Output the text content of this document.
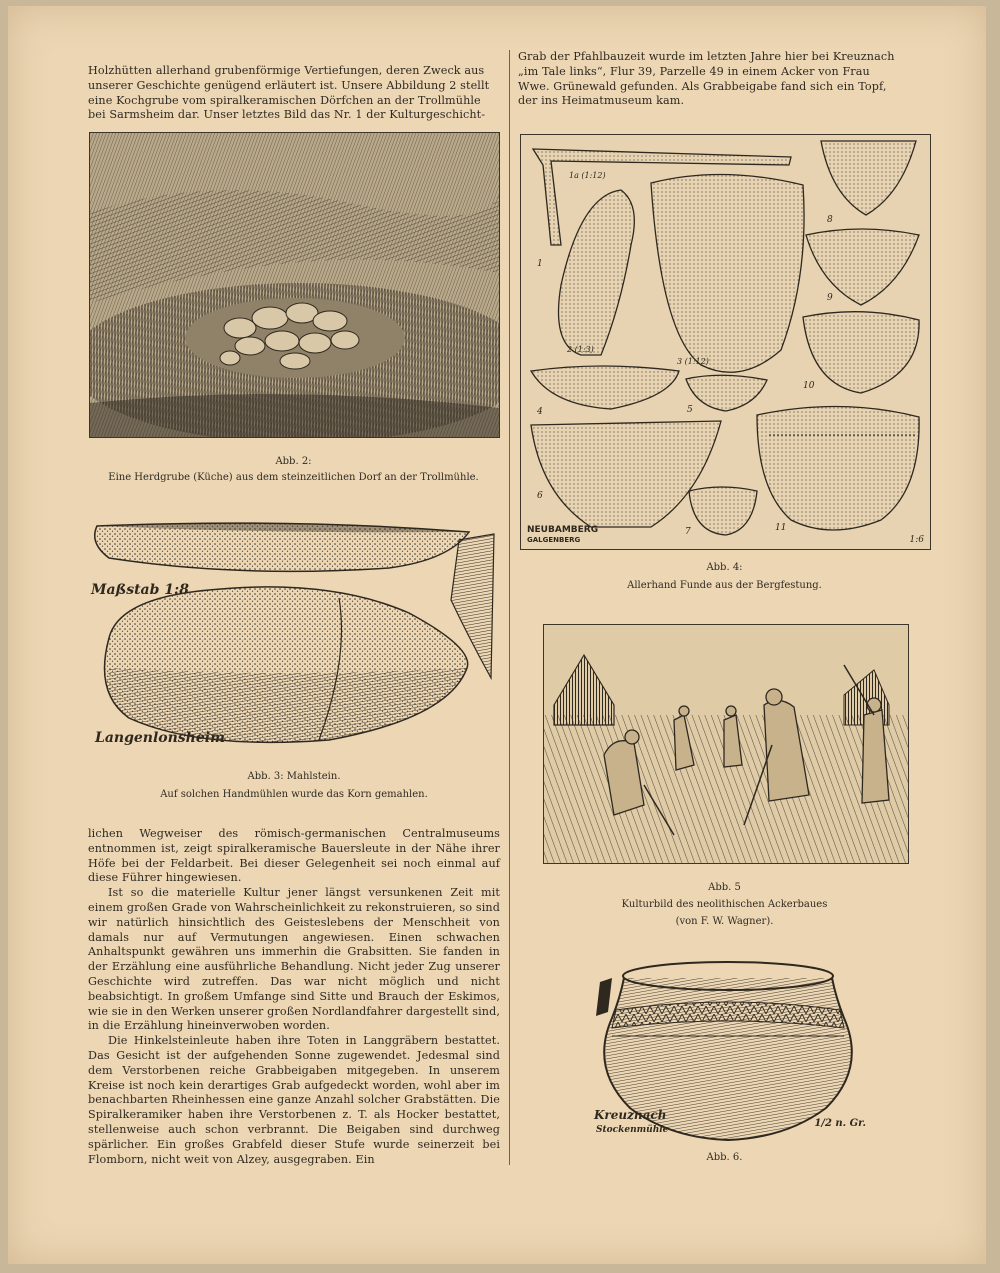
Holzhütten allerhand grubenförmige Vertiefungen, deren Zweck aus

unserer Geschichte genügend erläutert ist. Unsere Abbildung 2 stellt

eine Kochgrube vom spiralkeramischen Dörfchen an der Trollmühle

bei Sarmsheim dar. Unser letztes Bild das Nr. 1 der Kulturgeschicht-

Abb. 2:
Eine Herdgrube (Küche) aus dem steinzeitlichen Dorf an der Trollmühle.
Maßstab 1:8
Langenlonsheim
Abb. 3: Mahlstein.
Auf solchen Handmühlen wurde das Korn gemahlen.

lichen Wegweiser des römisch-germanischen Centralmuseums entnommen ist, zeigt spiralkeramische Bauersleute in der Nähe ihrer Höfe bei der Feldarbeit. Bei dieser Gelegenheit sei noch einmal auf diese Führer hingewiesen.

Ist so die materielle Kultur jener längst versunkenen Zeit mit einem großen Grade von Wahrscheinlichkeit zu rekonstruieren, so sind wir natürlich hinsichtlich des Geisteslebens der Menschheit von damals nur auf Vermutungen angewiesen. Einen schwachen Anhaltspunkt gewähren uns immerhin die Grabsitten. Sie fanden in der Erzählung eine ausführliche Behandlung. Nicht jeder Zug unserer Geschichte wird zutreffen. Das war nicht möglich und nicht beabsichtigt. In großem Umfange sind Sitte und Brauch der Eskimos, wie sie in den Werken unserer großen Nordlandfahrer dargestellt sind, in die Erzählung hineinverwoben worden.

Die Hinkelsteinleute haben ihre Toten in Langgräbern bestattet. Das Gesicht ist der aufgehenden Sonne zugewendet. Jedesmal sind dem Verstorbenen reiche Grabbeigaben mitgegeben. In unserem Kreise ist noch kein derartiges Grab aufgedeckt worden, wohl aber im benachbarten Rheinhessen eine ganze Anzahl solcher Grabstätten. Die Spiralkeramiker haben ihre Verstorbenen z. T. als Hocker bestattet, stellenweise auch schon verbrannt. Die Beigaben sind durchweg spärlicher. Ein großes Grabfeld dieser Stufe wurde seinerzeit bei Flomborn, nicht weit von Alzey, ausgegraben. Ein

Grab der Pfahlbauzeit wurde im letzten Jahre hier bei Kreuznach

„im Tale links“, Flur 39, Parzelle 49 in einem Acker von Frau

Wwe. Grünewald gefunden. Als Grabbeigabe fand sich ein Topf,

der ins Heimatmuseum kam.

NEUBAMBERG
GALGENBERG	1:6
1a (1:12)
1
2 (1:3)
3 (1:12)
4	5
6
7
8
9
10
11
Abb. 4:
Allerhand Funde aus der Bergfestung.
Abb. 5
Kulturbild des neolithischen Ackerbaues
(von F. W. Wagner).
Kreuznach
Stockenmühle
1/2 n. Gr.
Abb. 6.
